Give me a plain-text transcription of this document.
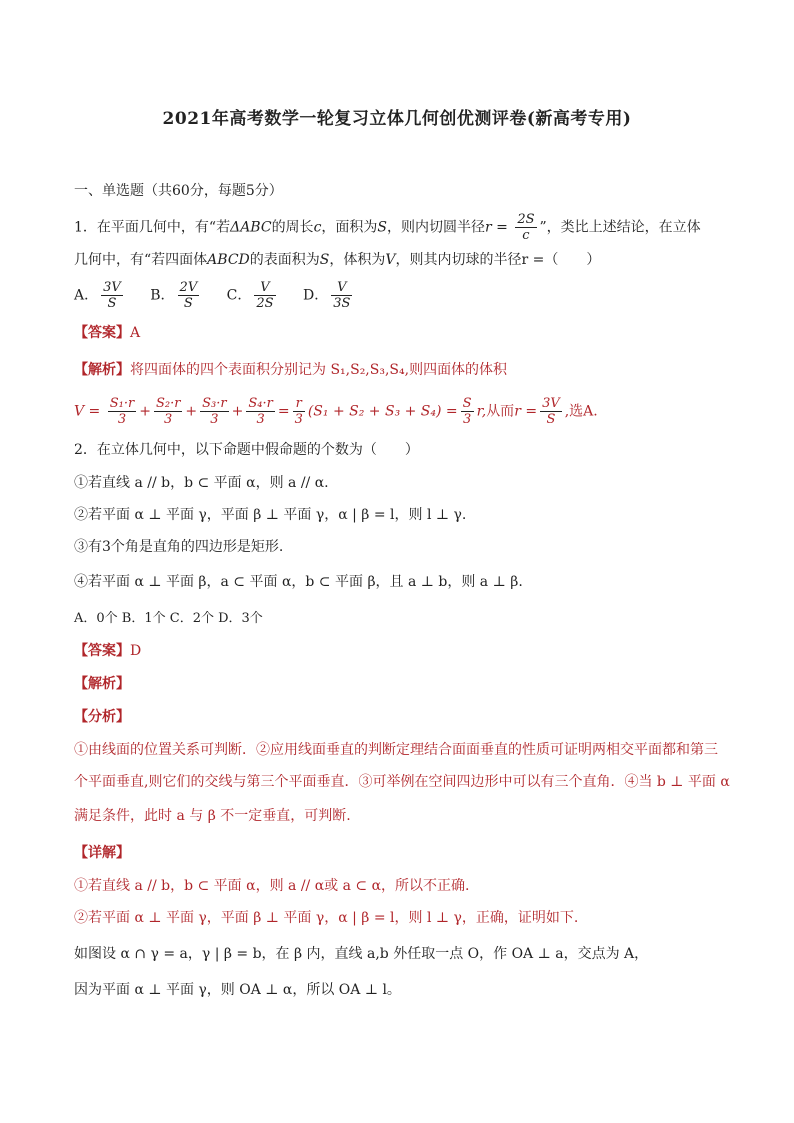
2021年高考数学一轮复习立体几何创优测评卷(新高考专用)
一、单选题（共60分，每题5分）
1．在平面几何中，有“若ΔABC的周长c，面积为S，则内切圆半径$r = \frac{2S}{c}$ ”，类比上述结论，在立体
几何中，有“若四面体ABCD的表面积为S，体积为V，则其内切球的半径r =（　　）
A． $\frac{3V}{S}$ B． $\frac{2V}{S}$ C． $\frac{V}{2S}$ D． $\frac{V}{3S}$
【答案】A
【解析】将四面体的四个表面积分别记为 S₁,S₂,S₃,S₄,则四面体的体积
$V = \frac{\text{S₁·r}}{3} + \frac{\text{S₂·r}}{3} + \frac{\text{S₃·r}}{3} + \frac{\text{S₄·r}}{3} = \frac{r}{3} (S_1 + S_2 + S_3 + S_4) = \frac{S}{3} r$,从而$r = \frac{3V}{S}$ ,选A.
2．在立体几何中，以下命题中假命题的个数为（　　）
①若直线 a // b，b ⊂ 平面 α，则 a // α.
②若平面 α ⊥ 平面 γ，平面 β ⊥ 平面 γ，α | β = l，则 l ⊥ γ.
③有3个角是直角的四边形是矩形.
④若平面 α ⊥ 平面 β，a ⊂ 平面 α，b ⊂ 平面 β，且 a ⊥ b，则 a ⊥ β.
A．0个 B．1个 C．2个 D．3个
【答案】D
【解析】
【分析】
①由线面的位置关系可判断．②应用线面垂直的判断定理结合面面垂直的性质可证明两相交平面都和第三
个平面垂直,则它们的交线与第三个平面垂直．③可举例在空间四边形中可以有三个直角．④当 b ⊥ 平面 α
满足条件，此时 a 与 β 不一定垂直，可判断.
【详解】
①若直线 a // b，b ⊂ 平面 α，则 a // α或 a ⊂ α，所以不正确.
②若平面 α ⊥ 平面 γ，平面 β ⊥ 平面 γ，α | β = l，则 l ⊥ γ，正确，证明如下.
如图设 α ∩ γ = a，γ | β = b，在 β 内，直线 a,b 外任取一点 O，作 OA ⊥ a，交点为 A，
因为平面 α ⊥ 平面 γ，则 OA ⊥ α，所以 OA ⊥ l。
